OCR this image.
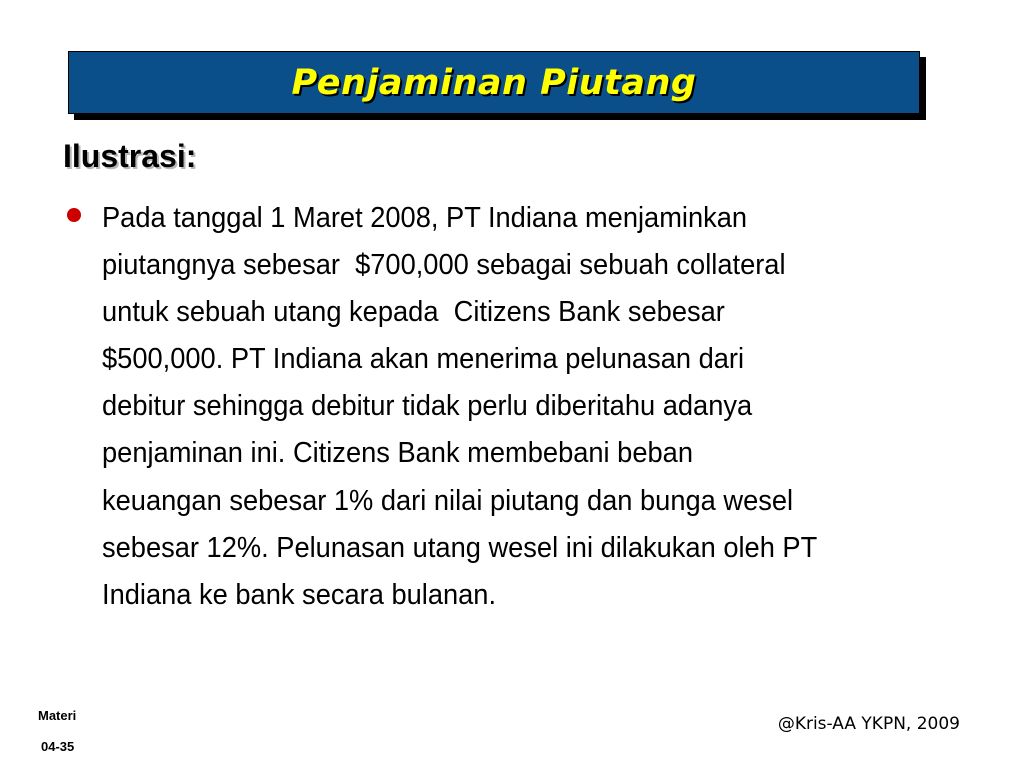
Penjaminan Piutang
Ilustrasi:

Pada tanggal 1 Maret 2008, PT Indiana menjaminkan
piutangnya sebesar  $700,000 sebagai sebuah collateral
untuk sebuah utang kepada  Citizens Bank sebesar
$500,000. PT Indiana akan menerima pelunasan dari
debitur sehingga debitur tidak perlu diberitahu adanya
penjaminan ini. Citizens Bank membebani beban
keuangan sebesar 1% dari nilai piutang dan bunga wesel
sebesar 12%. Pelunasan utang wesel ini dilakukan oleh PT
Indiana ke bank secara bulanan.

Materi
04-35
@Kris-AA YKPN, 2009
